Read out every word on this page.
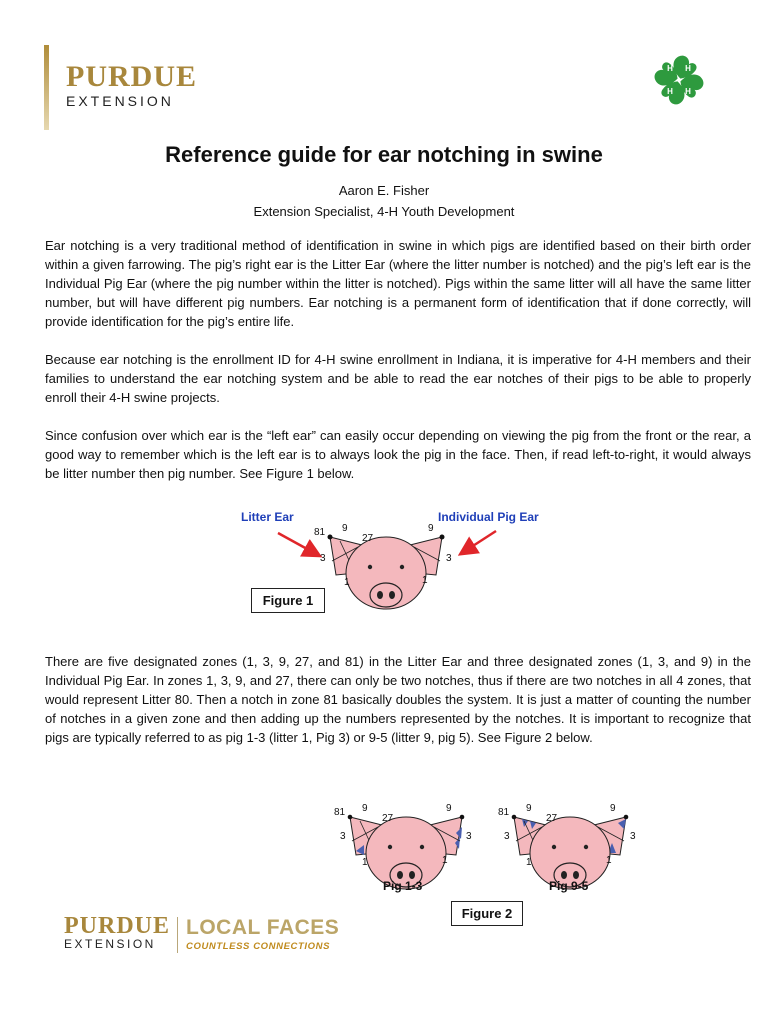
PURDUE
EXTENSION
H H
H H
Reference guide for ear notching in swine
Aaron E. Fisher
Extension Specialist, 4-H Youth Development

Ear notching is a very traditional method of identification in swine in which pigs are identified based on their birth order within a given farrowing. The pig’s right ear is the Litter Ear (where the litter number is notched) and the pig’s left ear is the Individual Pig Ear (where the pig number within the litter is notched). Pigs within the same litter will all have the same litter number, but will have different pig numbers. Ear notching is a permanent form of identification that if done correctly, will provide identification for the pig’s entire life.

Because ear notching is the enrollment ID for 4-H swine enrollment in Indiana, it is imperative for 4-H members and their families to understand the ear notching system and be able to read the ear notches of their pigs to be able to properly enroll their 4-H swine projects.

Since confusion over which ear is the “left ear” can easily occur depending on viewing the pig from the front or the rear, a good way to remember which is the left ear is to always look the pig in the face. Then, if read left-to-right, it would always be litter number then pig number. See Figure 1 below.

Litter Ear	Individual Pig Ear
81 9
27
3
1
9
3
1
Figure 1

There are five designated zones (1, 3, 9, 27, and 81) in the Litter Ear and three designated zones (1, 3, and 9) in the Individual Pig Ear. In zones 1, 3, 9, and 27, there can only be two notches, thus if there are two notches in all 4 zones, that would represent Litter 80. Then a notch in zone 81 basically doubles the system. It is just a matter of counting the number of notches in a given zone and then adding up the numbers represented by the notches. It is important to recognize that pigs are typically referred to as pig 1-3 (litter 1, Pig 3) or 9-5 (litter 9, pig 5). See Figure 2 below.

81 9
27
3
1
9
3
1
81 9
27
3
1
9
3
1
Pig 1-3	Pig 9-5
Figure 2
PURDUE
EXTENSION
LOCAL FACES
COUNTLESS CONNECTIONS
